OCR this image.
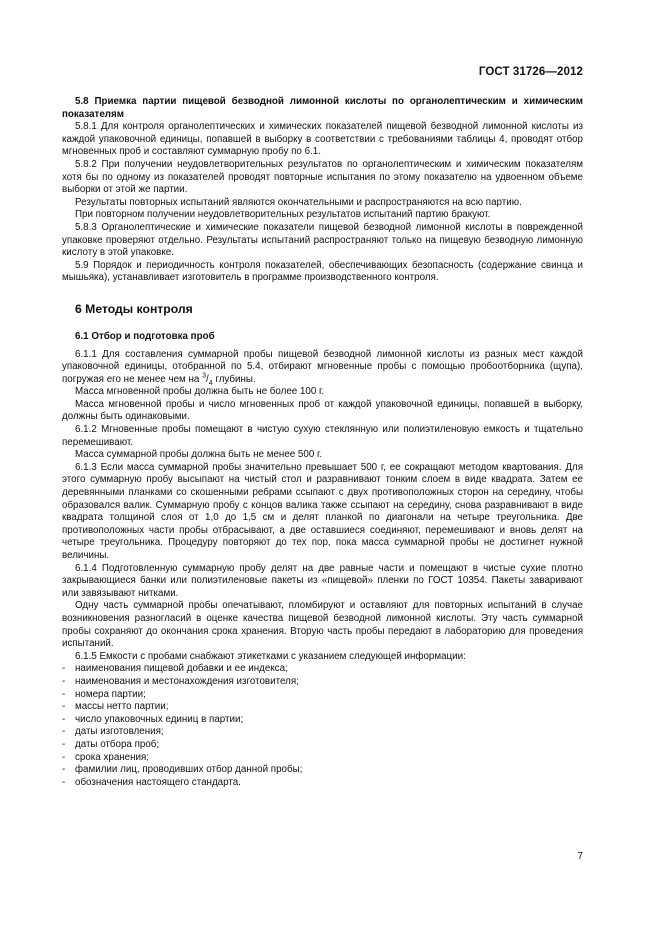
ГОСТ 31726—2012

5.8 Приемка партии пищевой безводной лимонной кислоты по органолептическим и химическим показателям

5.8.1 Для контроля органолептических и химических показателей пищевой безводной лимонной кислоты из каждой упаковочной единицы, попавшей в выборку в соответствии с требованиями таблицы 4, проводят отбор мгновенных проб и составляют суммарную пробу по 6.1.

5.8.2 При получении неудовлетворительных результатов по органолептическим и химическим показателям хотя бы по одному из показателей проводят повторные испытания по этому показателю на удвоенном объеме выборки от этой же партии.

Результаты повторных испытаний являются окончательными и распространяются на всю партию.

При повторном получении неудовлетворительных результатов испытаний партию бракуют.

5.8.3 Органолептические и химические показатели пищевой безводной лимонной кислоты в поврежденной упаковке проверяют отдельно. Результаты испытаний распространяют только на пищевую безводную лимонную кислоту в этой упаковке.

5.9 Порядок и периодичность контроля показателей, обеспечивающих безопасность (содержание свинца и мышьяка), устанавливает изготовитель в программе производственного контроля.

6 Методы контроля
6.1 Отбор и подготовка проб

6.1.1 Для составления суммарной пробы пищевой безводной лимонной кислоты из разных мест каждой упаковочной единицы, отобранной по 5.4, отбирают мгновенные пробы с помощью пробоотборника (щупа), погружая его не менее чем на $^3/_4$ глубины.

Масса мгновенной пробы должна быть не более 100 г.

Масса мгновенной пробы и число мгновенных проб от каждой упаковочной единицы, попавшей в выборку, должны быть одинаковыми.

6.1.2 Мгновенные пробы помещают в чистую сухую стеклянную или полиэтиленовую емкость и тщательно перемешивают.

Масса суммарной пробы должна быть не менее 500 г.

6.1.3 Если масса суммарной пробы значительно превышает 500 г, ее сокращают методом квартования. Для этого суммарную пробу высыпают на чистый стол и разравнивают тонким слоем в виде квадрата. Затем ее деревянными планками со скошенными ребрами ссыпают с двух противоположных сторон на середину, чтобы образовался валик. Суммарную пробу с концов валика также ссыпают на середину, снова разравнивают в виде квадрата толщиной слоя от 1,0 до 1,5 см и делят планкой по диагонали на четыре треугольника. Две противоположных части пробы отбрасывают, а две оставшиеся соединяют, перемешивают и вновь делят на четыре треугольника. Процедуру повторяют до тех пор, пока масса суммарной пробы не достигнет нужной величины.

6.1.4 Подготовленную суммарную пробу делят на две равные части и помещают в чистые сухие плотно закрывающиеся банки или полиэтиленовые пакеты из «пищевой» пленки по ГОСТ 10354. Пакеты заваривают или завязывают нитками.

Одну часть суммарной пробы опечатывают, пломбируют и оставляют для повторных испытаний в случае возникновения разногласий в оценке качества пищевой безводной лимонной кислоты. Эту часть суммарной пробы сохраняют до окончания срока хранения. Вторую часть пробы передают в лабораторию для проведения испытаний.

6.1.5 Емкости с пробами снабжают этикетками с указанием следующей информации:

- наименования пищевой добавки и ее индекса;
- наименования и местонахождения изготовителя;
- номера партии;
- массы нетто партии;
- число упаковочных единиц в партии;
- даты изготовления;
- даты отбора проб;
- срока хранения;
- фамилии лиц, проводивших отбор данной пробы;
- обозначения настоящего стандарта.
7
